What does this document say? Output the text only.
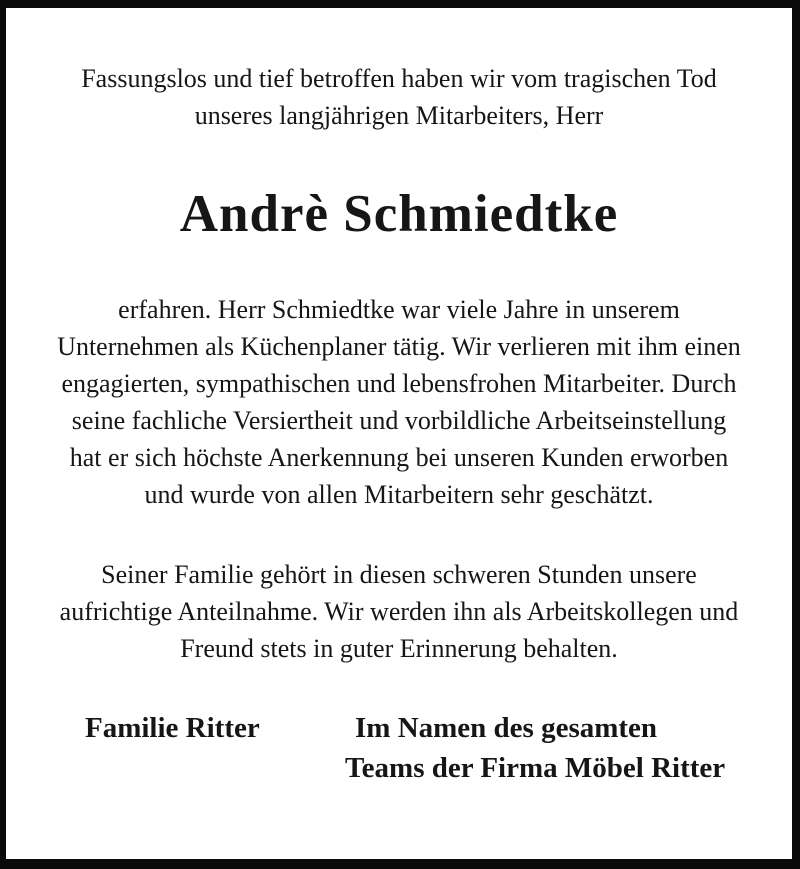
Fassungslos und tief betroffen haben wir vom tragischen Tod
unseres langjährigen Mitarbeiters, Herr
Andrè Schmiedtke
erfahren. Herr Schmiedtke war viele Jahre in unserem
Unternehmen als Küchenplaner tätig. Wir verlieren mit ihm einen
engagierten, sympathischen und lebensfrohen Mitarbeiter. Durch
seine fachliche Versiertheit und vorbildliche Arbeitseinstellung
hat er sich höchste Anerkennung bei unseren Kunden erworben
und wurde von allen Mitarbeitern sehr geschätzt.
Seiner Familie gehört in diesen schweren Stunden unsere
aufrichtige Anteilnahme. Wir werden ihn als Arbeitskollegen und
Freund stets in guter Erinnerung behalten.
Familie Ritter	Im Namen des gesamten
Teams der Firma Möbel Ritter
